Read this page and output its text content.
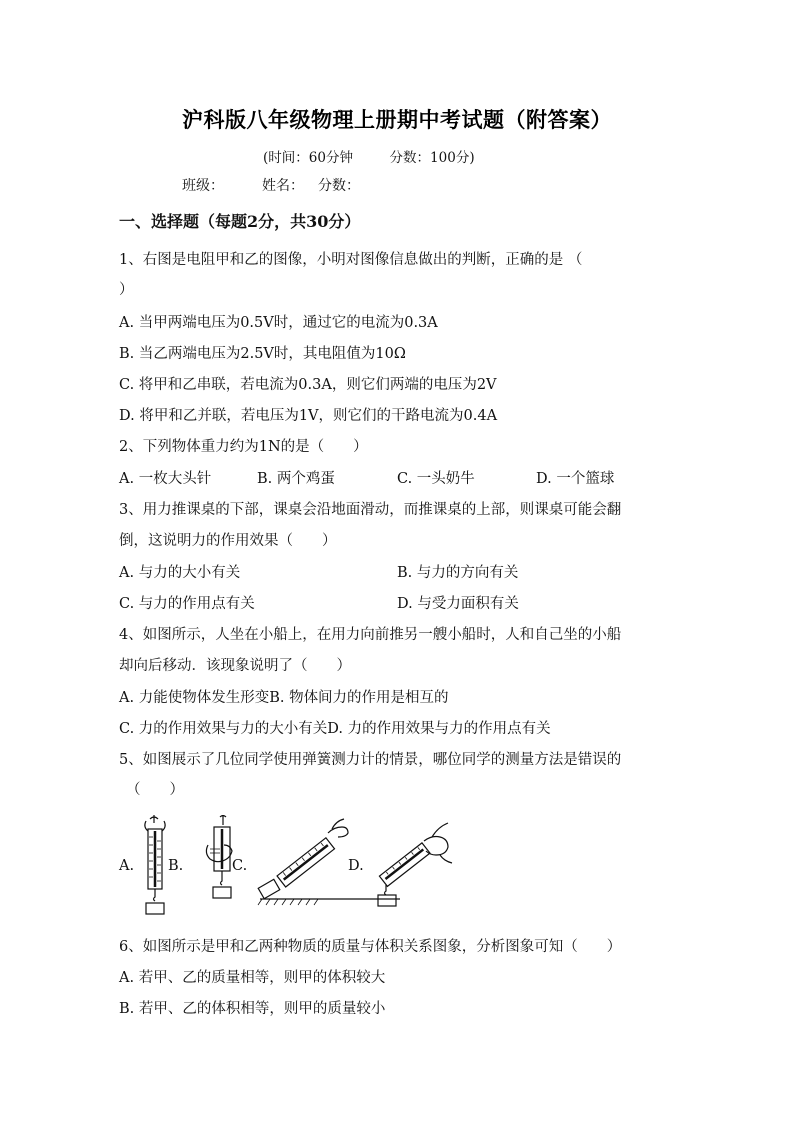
沪科版八年级物理上册期中考试题（附答案）
(时间：60分钟	分数：100分)
班级：	姓名： 分数：
一、选择题（每题2分，共30分）
1、右图是电阻甲和乙的图像，小明对图像信息做出的判断，正确的是 （
）
A. 当甲两端电压为0.5V时，通过它的电流为0.3A
B. 当乙两端电压为2.5V时，其电阻值为10Ω
C. 将甲和乙串联，若电流为0.3A，则它们两端的电压为2V
D. 将甲和乙并联，若电压为1V，则它们的干路电流为0.4A
2、下列物体重力约为1N的是（　　）
A. 一枚大头针	B. 两个鸡蛋	C. 一头奶牛	D. 一个篮球
3、用力推课桌的下部，课桌会沿地面滑动，而推课桌的上部，则课桌可能会翻
倒，这说明力的作用效果（　　）
A. 与力的大小有关	B. 与力的方向有关
C. 与力的作用点有关	D. 与受力面积有关
4、如图所示，人坐在小船上，在用力向前推另一艘小船时，人和自己坐的小船
却向后移动．该现象说明了（　　）
A. 力能使物体发生形变B. 物体间力的作用是相互的
C. 力的作用效果与力的大小有关D. 力的作用效果与力的作用点有关
5、如图展示了几位同学使用弹簧测力计的情景，哪位同学的测量方法是错误的
（　　）
A. B.	C.	D.
6、如图所示是甲和乙两种物质的质量与体积关系图象，分析图象可知（　　）
A. 若甲、乙的质量相等，则甲的体积较大
B. 若甲、乙的体积相等，则甲的质量较小
